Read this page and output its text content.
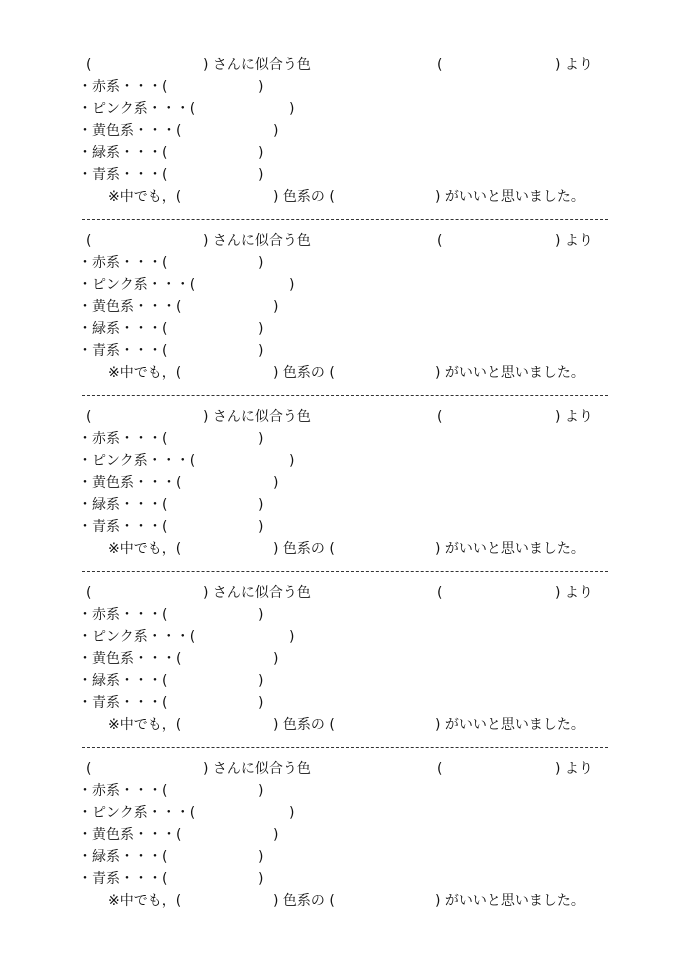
(	) さんに似合う色	(	) より
・ 赤系・・・(	)
・ ピンク系・・・(	)
・ 黄色系・・・(	)
・ 緑系・・・(	)
・ 青系・・・(	)
※中でも，(	) 色系の (	) がいいと思いました。
(	) さんに似合う色	(	) より
・ 赤系・・・(	)
・ ピンク系・・・(	)
・ 黄色系・・・(	)
・ 緑系・・・(	)
・ 青系・・・(	)
※中でも，(	) 色系の (	) がいいと思いました。
(	) さんに似合う色	(	) より
・ 赤系・・・(	)
・ ピンク系・・・(	)
・ 黄色系・・・(	)
・ 緑系・・・(	)
・ 青系・・・(	)
※中でも，(	) 色系の (	) がいいと思いました。
(	) さんに似合う色	(	) より
・ 赤系・・・(	)
・ ピンク系・・・(	)
・ 黄色系・・・(	)
・ 緑系・・・(	)
・ 青系・・・(	)
※中でも，(	) 色系の (	) がいいと思いました。
(	) さんに似合う色	(	) より
・ 赤系・・・(	)
・ ピンク系・・・(	)
・ 黄色系・・・(	)
・ 緑系・・・(	)
・ 青系・・・(	)
※中でも，(	) 色系の (	) がいいと思いました。
